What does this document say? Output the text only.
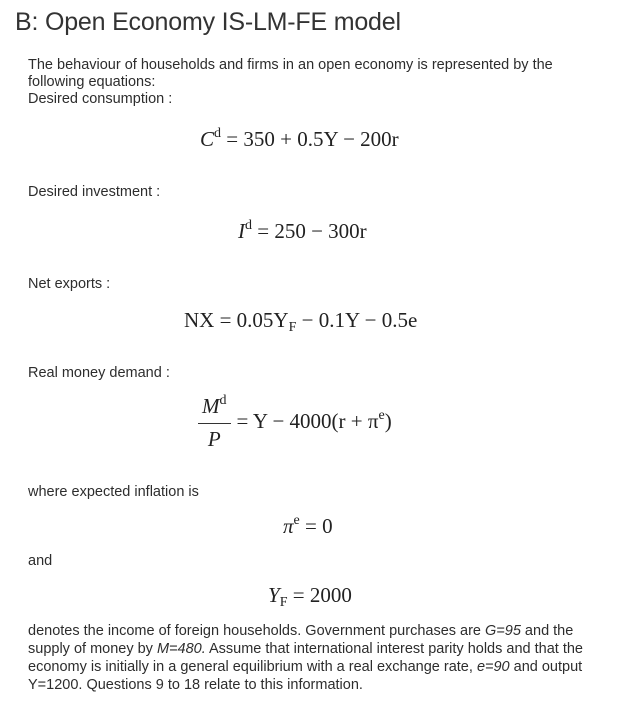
B: Open Economy IS-LM-FE model
The behaviour of households and firms in an open economy is represented by the
following equations:
Desired consumption :
$C^d = 350 + 0.5Y - 200r$
Desired investment :
$I^d = 250 - 300r$
Net exports :
NX = $0.05Y_F - 0.1Y - 0.5e$
Real money demand :
$\frac{M^d}{P} = Y - 4000(r + \pi^e)$
where expected inflation is
$\pi^e = 0$
and
$Y_F = 2000$
denotes the income of foreign households. Government purchases are G=95 and the supply of money by M=480. Assume that international interest parity holds and that the economy is initially in a general equilibrium with a real exchange rate, e=90 and output Y=1200. Questions 9 to 18 relate to this information.
